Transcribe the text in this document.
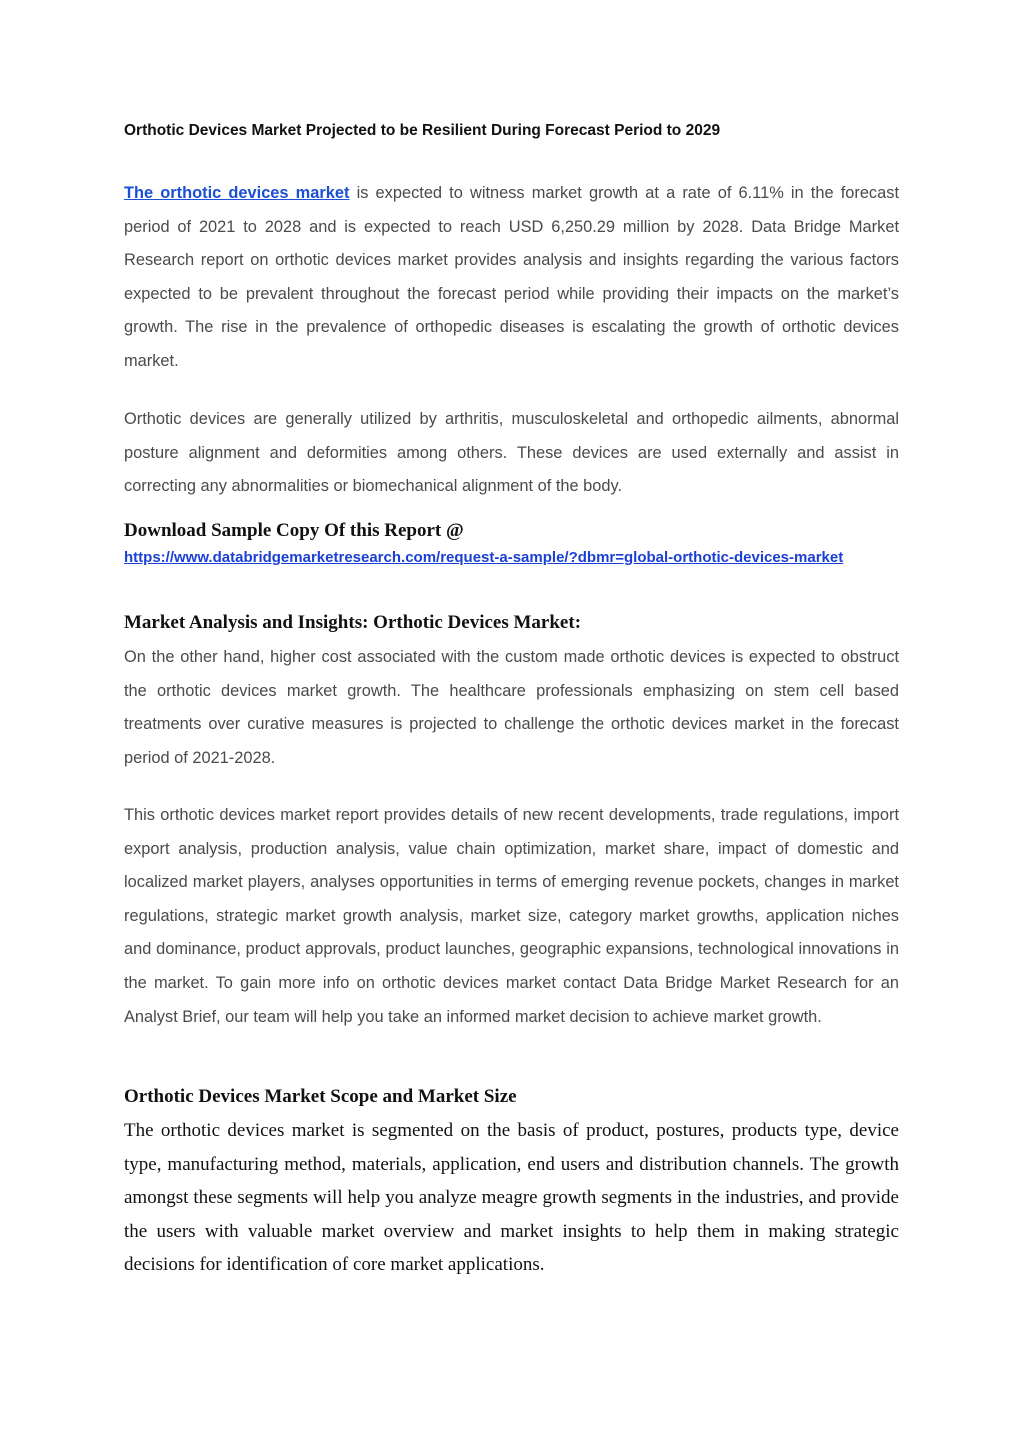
Orthotic Devices Market Projected to be Resilient During Forecast Period to 2029

The orthotic devices market is expected to witness market growth at a rate of 6.11% in the forecast period of 2021 to 2028 and is expected to reach USD 6,250.29 million by 2028. Data Bridge Market Research report on orthotic devices market provides analysis and insights regarding the various factors expected to be prevalent throughout the forecast period while providing their impacts on the market’s growth. The rise in the prevalence of orthopedic diseases is escalating the growth of orthotic devices market.

Orthotic devices are generally utilized by arthritis, musculoskeletal and orthopedic ailments, abnormal posture alignment and deformities among others. These devices are used externally and assist in correcting any abnormalities or biomechanical alignment of the body.

Download Sample Copy Of this Report @
https://www.databridgemarketresearch.com/request-a-sample/?dbmr=global-orthotic-devices-market
Market Analysis and Insights: Orthotic Devices Market:

On the other hand, higher cost associated with the custom made orthotic devices is expected to obstruct the orthotic devices market growth. The healthcare professionals emphasizing on stem cell based treatments over curative measures is projected to challenge the orthotic devices market in the forecast period of 2021-2028.

This orthotic devices market report provides details of new recent developments, trade regulations, import export analysis, production analysis, value chain optimization, market share, impact of domestic and localized market players, analyses opportunities in terms of emerging revenue pockets, changes in market regulations, strategic market growth analysis, market size, category market growths, application niches and dominance, product approvals, product launches, geographic expansions, technological innovations in the market. To gain more info on orthotic devices market contact Data Bridge Market Research for an Analyst Brief, our team will help you take an informed market decision to achieve market growth.

Orthotic Devices Market Scope and Market Size

The orthotic devices market is segmented on the basis of product, postures, products type, device type, manufacturing method, materials, application, end users and distribution channels. The growth amongst these segments will help you analyze meagre growth segments in the industries, and provide the users with valuable market overview and market insights to help them in making strategic decisions for identification of core market applications.
